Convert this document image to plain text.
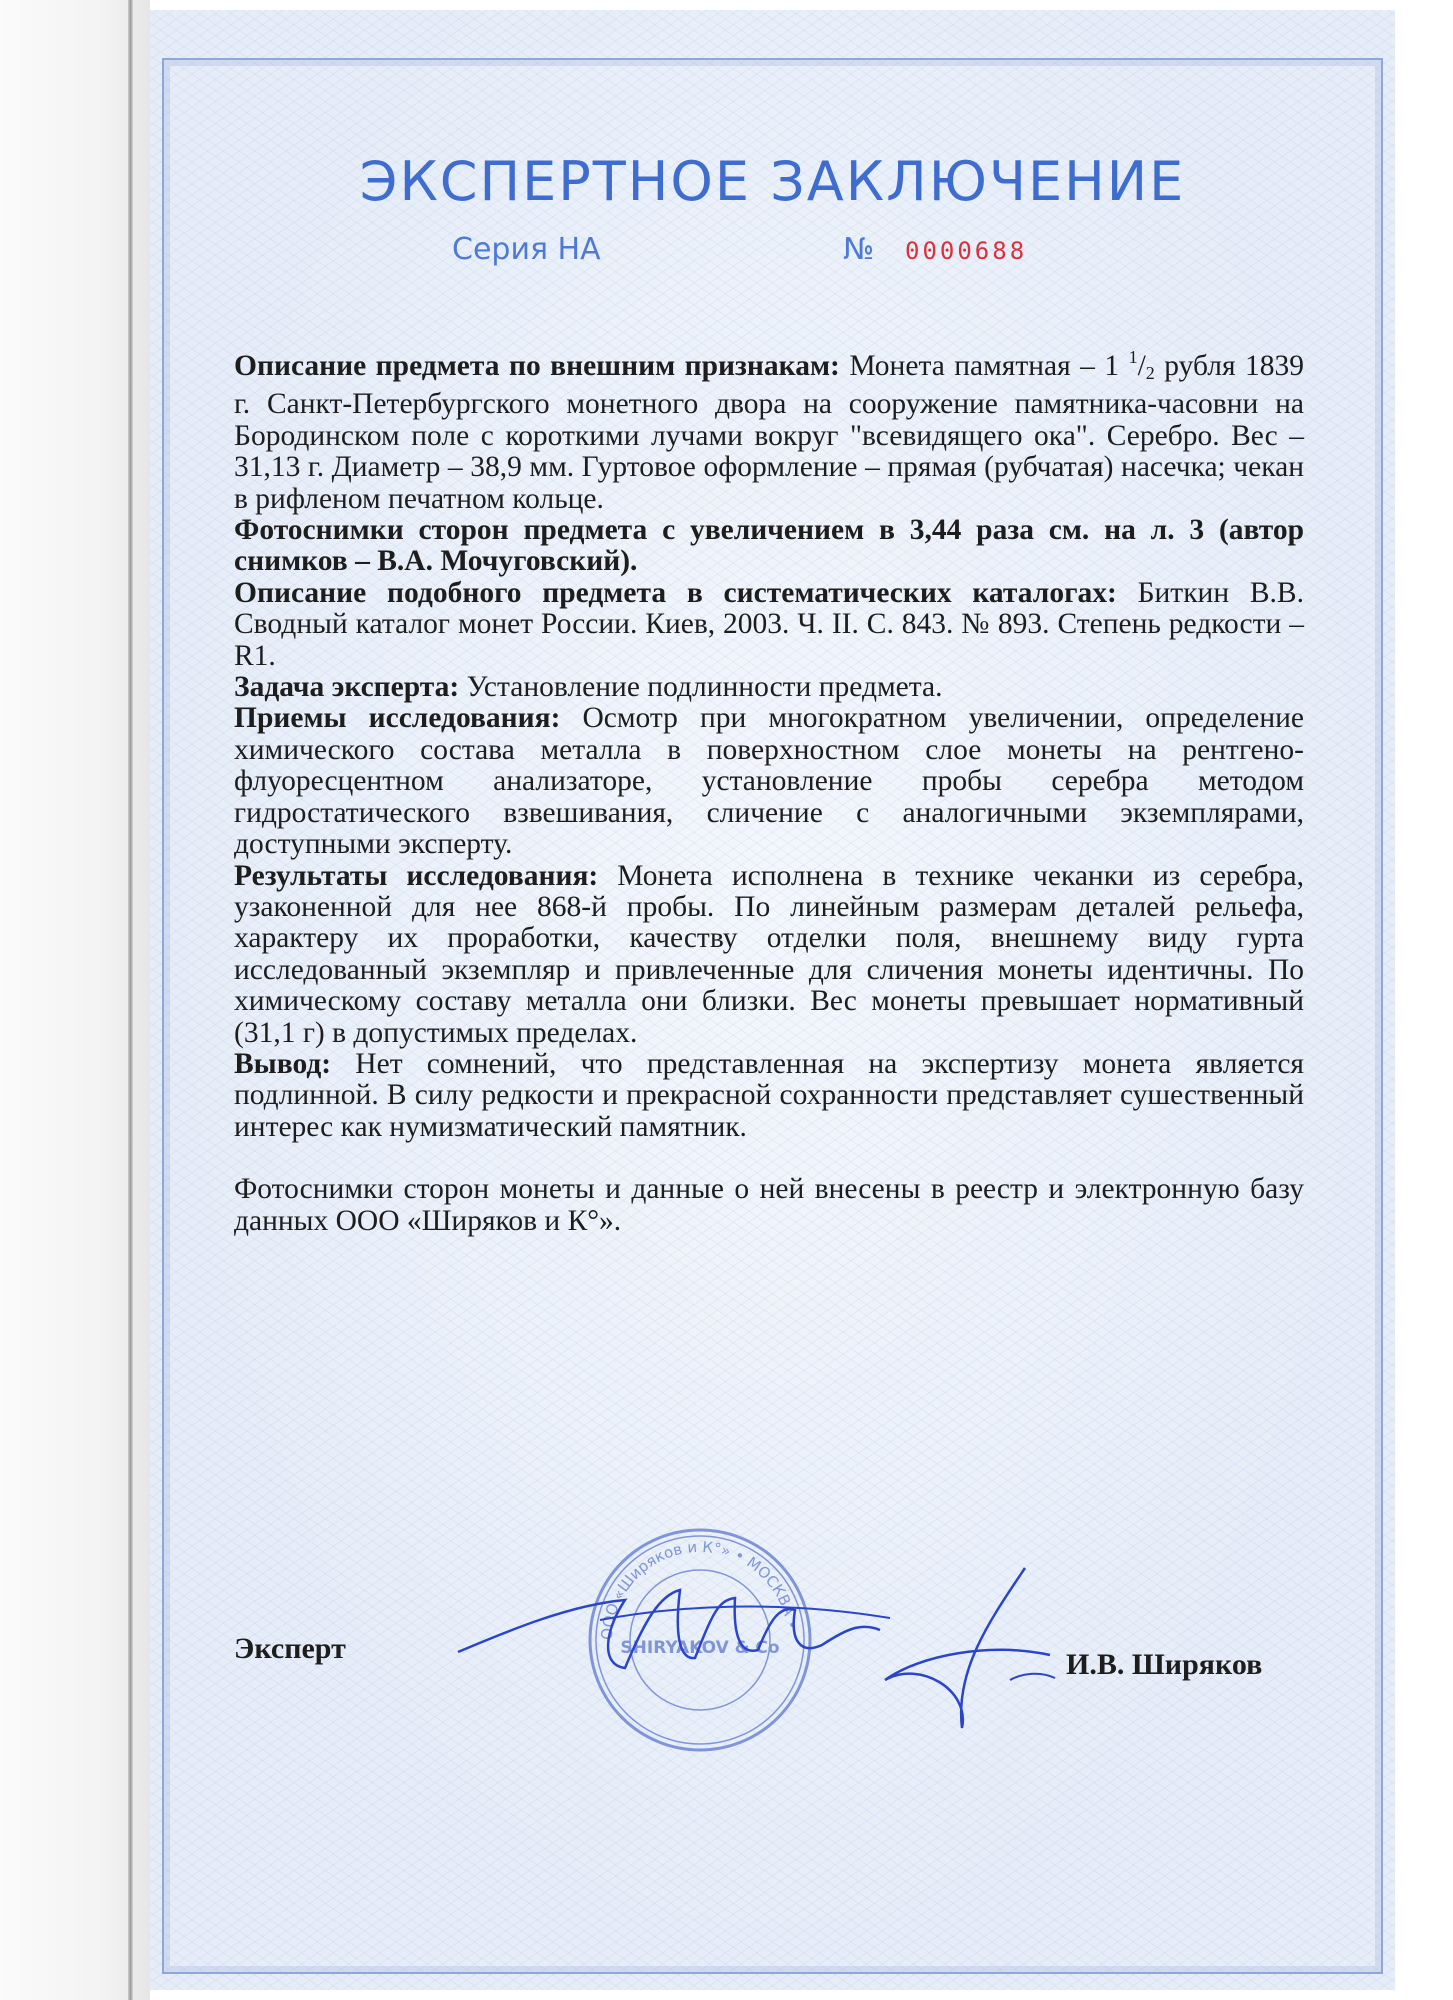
ЭКСПЕРТНОЕ ЗАКЛЮЧЕНИЕ
Серия НА	№ 0000688

Описание предмета по внешним признакам: Монета памятная – 1 $^1/_2$ рубля 1839 г. Санкт-Петербургского монетного двора на сооружение памятника-часовни на Бородинском поле с короткими лучами вокруг "всевидящего ока". Серебро. Вес – 31,13 г. Диаметр – 38,9 мм. Гуртовое оформление – прямая (рубчатая) насечка; чекан в рифленом печатном кольце.

Фотоснимки сторон предмета с увеличением в 3,44 раза см. на л. 3 (автор снимков – В.А. Мочуговский).

Описание подобного предмета в систематических каталогах: Биткин В.В. Сводный каталог монет России. Киев, 2003. Ч. II. С. 843. № 893. Степень редкости – R1.

Задача эксперта: Установление подлинности предмета.

Приемы исследования: Осмотр при многократном увеличении, определение химического состава металла в поверхностном слое монеты на рентгено-флуоресцентном анализаторе, установление пробы серебра методом гидростатического взвешивания, сличение с аналогичными экземплярами, доступными эксперту.

Результаты исследования: Монета исполнена в технике чеканки из серебра, узаконенной для нее 868-й пробы. По линейным размерам деталей рельефа, характеру их проработки, качеству отделки поля, внешнему виду гурта исследованный экземпляр и привлеченные для сличения монеты идентичны. По химическому составу металла они близки. Вес монеты превышает нормативный (31,1 г) в допустимых пределах.

Вывод: Нет сомнений, что представленная на экспертизу монета является подлинной. В силу редкости и прекрасной сохранности представляет сушественный интерес как нумизматический памятник.

Фотоснимки сторон монеты и данные о ней внесены в реестр и электронную базу данных ООО «Ширяков и К°».

ООО «Ширяков и К°» • МОСКВА •
SHIRYAKOV & Co
Эксперт	И.В. Ширяков
